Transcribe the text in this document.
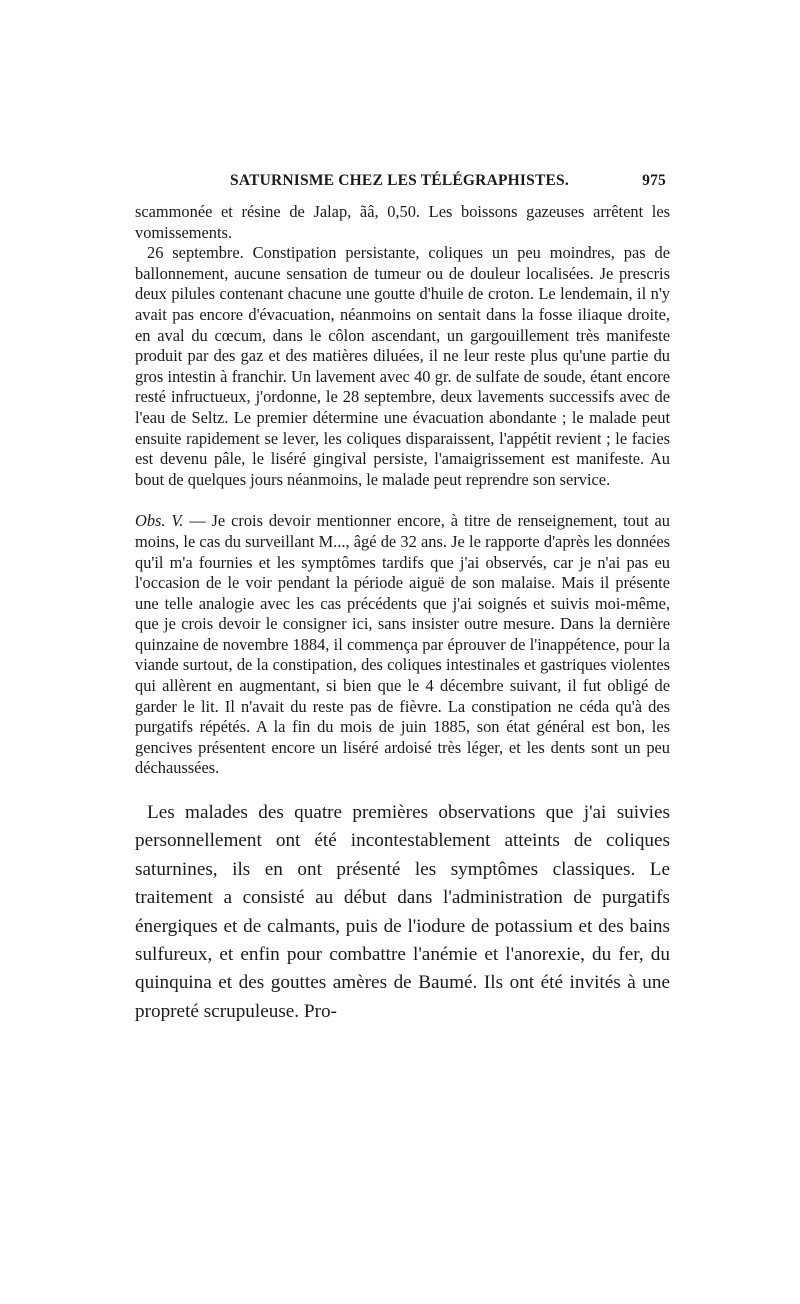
SATURNISME CHEZ LES TÉLÉGRAPHISTES.	975

scammonée et résine de Jalap, ãâ, 0,50. Les boissons gazeuses arrêtent les vomissements.

26 septembre. Constipation persistante, coliques un peu moindres, pas de ballonnement, aucune sensation de tumeur ou de douleur localisées. Je prescris deux pilules contenant chacune une goutte d'huile de croton. Le lendemain, il n'y avait pas encore d'évacuation, néanmoins on sentait dans la fosse iliaque droite, en aval du cœcum, dans le côlon ascendant, un gargouillement très manifeste produit par des gaz et des matières diluées, il ne leur reste plus qu'une partie du gros intestin à franchir. Un lavement avec 40 gr. de sulfate de soude, étant encore resté infructueux, j'ordonne, le 28 septembre, deux lavements successifs avec de l'eau de Seltz. Le premier détermine une évacuation abondante ; le malade peut ensuite rapidement se lever, les coliques disparaissent, l'appétit revient ; le facies est devenu pâle, le liséré gingival persiste, l'amaigrissement est manifeste. Au bout de quelques jours néanmoins, le malade peut reprendre son service.

Obs. V. — Je crois devoir mentionner encore, à titre de renseignement, tout au moins, le cas du surveillant M..., âgé de 32 ans. Je le rapporte d'après les données qu'il m'a fournies et les symptômes tardifs que j'ai observés, car je n'ai pas eu l'occasion de le voir pendant la période aiguë de son malaise. Mais il présente une telle analogie avec les cas précédents que j'ai soignés et suivis moi-même, que je crois devoir le consigner ici, sans insister outre mesure. Dans la dernière quinzaine de novembre 1884, il commença par éprouver de l'inappétence, pour la viande surtout, de la constipation, des coliques intestinales et gastriques violentes qui allèrent en augmentant, si bien que le 4 décembre suivant, il fut obligé de garder le lit. Il n'avait du reste pas de fièvre. La constipation ne céda qu'à des purgatifs répétés. A la fin du mois de juin 1885, son état général est bon, les gencives présentent encore un liséré ardoisé très léger, et les dents sont un peu déchaussées.

Les malades des quatre premières observations que j'ai suivies personnellement ont été incontestablement atteints de coliques saturnines, ils en ont présenté les symptômes classiques. Le traitement a consisté au début dans l'administration de purgatifs énergiques et de calmants, puis de l'iodure de potassium et des bains sulfureux, et enfin pour combattre l'anémie et l'anorexie, du fer, du quinquina et des gouttes amères de Baumé. Ils ont été invités à une propreté scrupuleuse. Pro-
